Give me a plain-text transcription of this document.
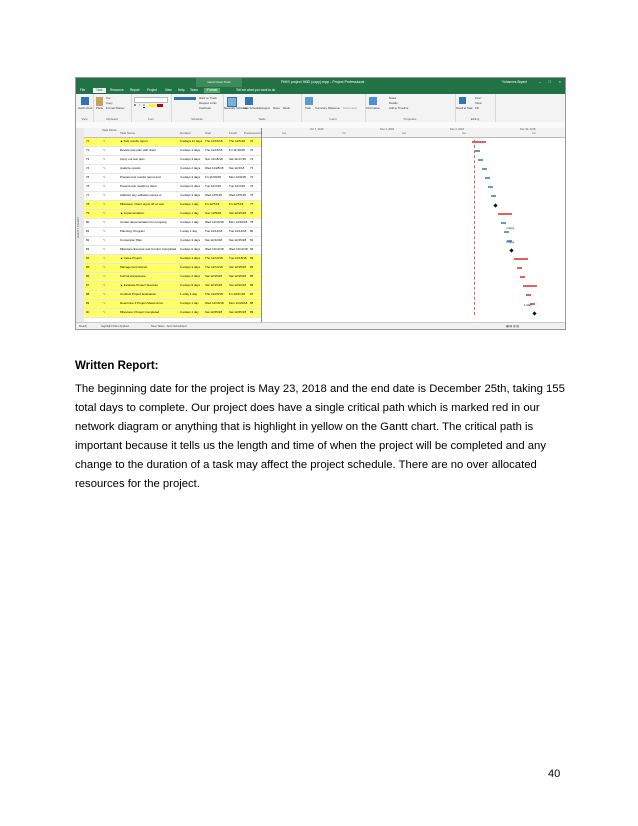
Gantt Chart Tools	PMIS project 9MD (copy).mpp - Project Professional	Yohannes Bryant	– □ ×
File	Task	Resource Report Project	View Help Team	Format	Tell me what you want to do
Gantt Chart
View
Paste
Cut
Copy
Format Painter
Clipboard
B I U
Font
Mark on Track
Respect Links
Inactivate
Schedule
Manually Schedule
Auto Schedule Inspect Move Mode
Tasks
Task Summary Milestone Deliverable
Insert
Information
Notes
Details
Add to Timeline
Properties
Scroll to Task
Find
Clear
Fill
Editing
GANTT CHART
Task Mode
Task Name	Duration	Start	Finish Predecessors
71	▲ Test results report	9 wdays 11 days Thu 11/15/18	Thu 12/6/18	70
✎
72	Review test plan with client	3 edays 3 days	Thu 11/15/18	Fri 11/16/18	70
✎
73	Carry out test plan	3 edays 3 days	Sun 11/18/18	Sat 11/17/18	72
✎
74	Analyze results	3 edays 2 days	Wed 11/28/18	Sat 12/1/18	73
✎
75	Prepare test results report and	4 edays 3 days	Fri 11/30/18	Mon 12/3/18	74
✎
76	Present test results to client	3 edays 0 days	Tue 12/4/18	Tue 12/4/18	75
✎
77	Address any software issues or	4 edays 3 days	Wed 12/5/18	Wed 12/5/18	76
✎
78	Milestone: Client signs off on test	0 edays 1 day	Fri 12/7/18	Fri 12/7/18	77
✎
79	▲ Implementation	3 edays 1 day	Sun 12/9/18	Sat 12/15/18	78
✎
80	Create documentation for company	3 edays 1 day	Wed 12/10/18	Mon 12/10/18 78
✎
81	Planning: Program	1 eday 1 day	Tue 12/11/18	Tue 12/11/18	80
✎
82	Conversion Plan	3 edays 3 days	Sat 12/12/18	Sat 12/15/18	81
✎
83	Milestone:Execute and Control Completed	0 edays 0 days	Wed 12/12/18	Wed 12/12/18 82
✎
84	▲ Close Project	9 edays 3 days	Thu 12/13/18	Tue 12/18/18	83
✎
85	Management Report	9 edays 3 days	Thu 12/13/18	Sat 12/15/18	83
✎
86	Formal Acceptance	3 edays 2 days	Sat 12/15/18	Sat 12/15/18	85
✎
87	▲ Evaluate Project Success	9 edays 5 days	Sat 12/15/18	Sat 12/22/18	86
✎
88	Conduct Project Evaluation	1 eday 1 day	Thu 12/20/18	Fri 12/21/18	87
✎
89	Determine If Project Meets Aims	0 edays 1 day	Wed 12/19/18	Mon 12/24/18 88
✎
90	Milestone: Project Completed	0 edays 1 day	Sat 12/25/18	Sat 12/25/18	89
✎
Oct 7, 2018	Nov 4, 2018	Dec 2, 2018	Dec 30, 2018
Sep	Oct	Nov	Dec	Jan
4 days
0 days
1 May
Ready	Highlight Filter Applied	New Tasks : Auto Scheduled	▦ ▤ ▥ ▧
Written Report:
The beginning date for the project is May 23, 2018 and the end date is December 25th, taking 155 total days to complete. Our project does have a single critical path which is marked red in our network diagram or anything that is highlight in yellow on the Gantt chart. The critical path is important because it tells us the length and time of when the project will be completed and any change to the duration of a task may affect the project schedule. There are no over allocated resources for the project.
40
